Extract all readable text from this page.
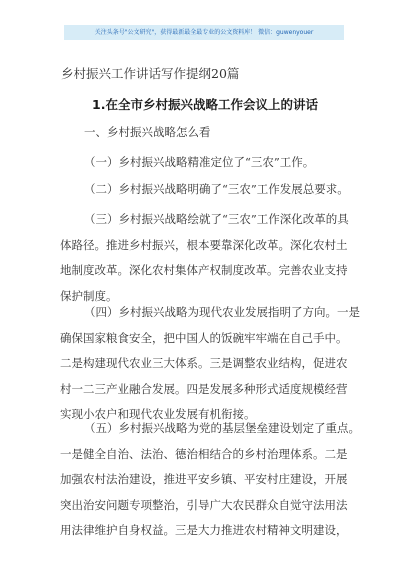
关注头条号"公文研究"，获得最新最全最专业的公文资料库！ 微信：guwenyouer
乡村振兴工作讲话写作提纲20篇
1.在全市乡村振兴战略工作会议上的讲话
一、乡村振兴战略怎么看
（一）乡村振兴战略精准定位了“三农”工作。
（二）乡村振兴战略明确了“三农”工作发展总要求。
（三）乡村振兴战略绘就了“三农”工作深化改革的具
体路径。推进乡村振兴，根本要靠深化改革。深化农村土
地制度改革。深化农村集体产权制度改革。完善农业支持
保护制度。
（四）乡村振兴战略为现代农业发展指明了方向。一是
确保国家粮食安全，把中国人的饭碗牢牢端在自己手中。
二是构建现代农业三大体系。三是调整农业结构，促进农
村一二三产业融合发展。四是发展多种形式适度规模经营
实现小农户和现代农业发展有机衔接。
（五）乡村振兴战略为党的基层堡垒建设划定了重点。
一是健全自治、法治、德治相结合的乡村治理体系。二是
加强农村法治建设，推进平安乡镇、平安村庄建设，开展
突出治安问题专项整治，引导广大农民群众自觉守法用法
用法律维护自身权益。三是大力推进农村精神文明建设，
